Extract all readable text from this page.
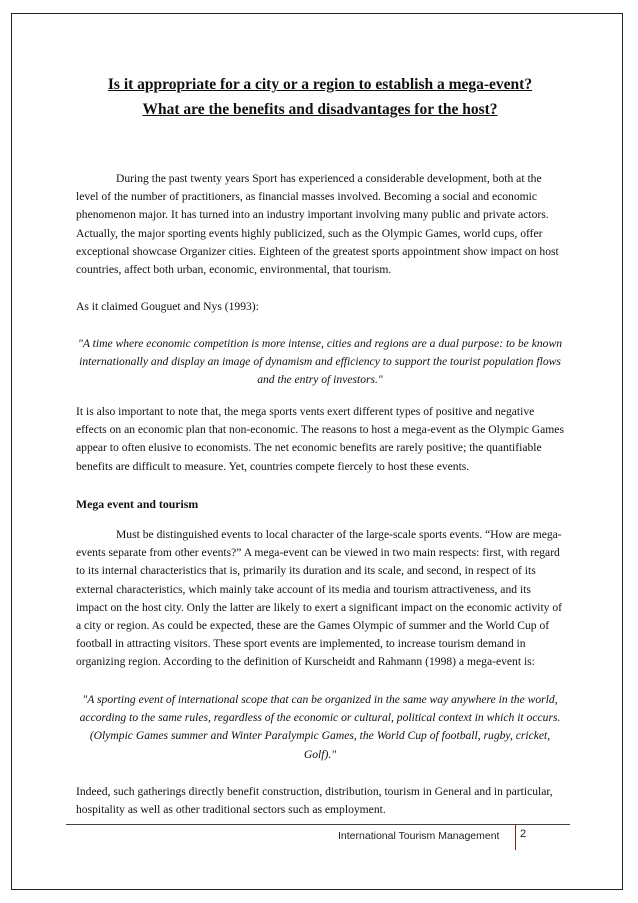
Is it appropriate for a city or a region to establish a mega-event?
What are the benefits and disadvantages for the host?
During the past twenty years Sport has experienced a considerable development, both at the level of the number of practitioners, as financial masses involved. Becoming a social and economic phenomenon major. It has turned into an industry important involving many public and private actors. Actually, the major sporting events highly publicized, such as the Olympic Games, world cups, offer exceptional showcase Organizer cities. Eighteen of the greatest sports appointment show impact on host countries, affect both urban, economic, environmental, that tourism.
As it claimed Gouguet and Nys (1993):
"A time where economic competition is more intense, cities and regions are a dual purpose: to be known internationally and display an image of dynamism and efficiency to support the tourist population flows and the entry of investors."
It is also important to note that, the mega sports vents exert different types of positive and negative effects on an economic plan that non-economic. The reasons to host a mega-event as the Olympic Games appear to often elusive to economists. The net economic benefits are rarely positive; the quantifiable benefits are difficult to measure. Yet, countries compete fiercely to host these events.
Mega event and tourism
Must be distinguished events to local character of the large-scale sports events. “How are mega-events separate from other events?” A mega-event can be viewed in two main respects: first, with regard to its internal characteristics that is, primarily its duration and its scale, and second, in respect of its external characteristics, which mainly take account of its media and tourism attractiveness, and its impact on the host city. Only the latter are likely to exert a significant impact on the economic activity of a city or region. As could be expected, these are the Games Olympic of summer and the World Cup of football in attracting visitors. These sport events are implemented, to increase tourism demand in organizing region. According to the definition of Kurscheidt and Rahmann (1998) a mega-event is:
"A sporting event of international scope that can be organized in the same way anywhere in the world, according to the same rules, regardless of the economic or cultural, political context in which it occurs. (Olympic Games summer and Winter Paralympic Games, the World Cup of football, rugby, cricket, Golf)."
Indeed, such gatherings directly benefit construction, distribution, tourism in General and in particular, hospitality as well as other traditional sectors such as employment.
International Tourism Management 2
